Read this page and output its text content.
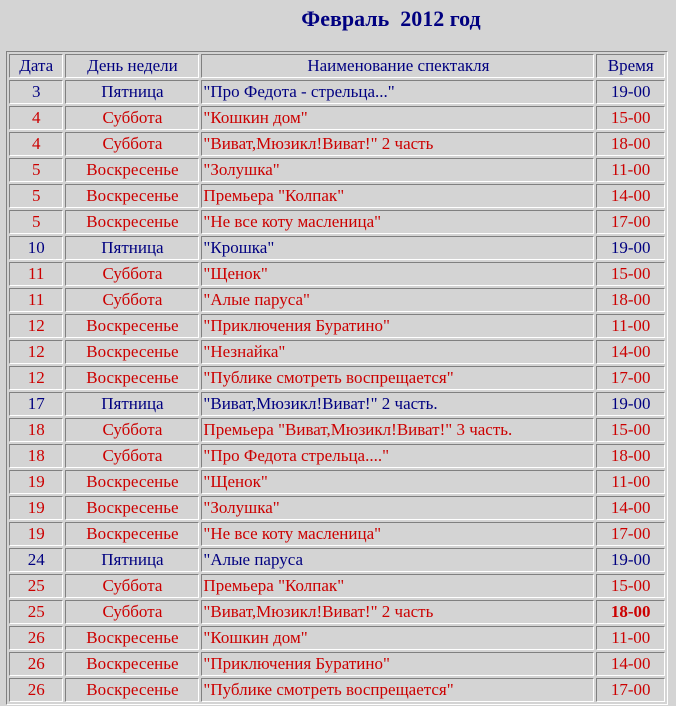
Февраль  2012 год
Дата	День недели	Наименование спектакля	Время
3	Пятница	"Про Федота - стрельца..."	19-00
4	Суббота	"Кошкин дом"	15-00
4	Суббота	"Виват,Мюзикл!Виват!" 2 часть	18-00
5	Воскресенье	"Золушка"	11-00
5	Воскресенье	Премьера "Колпак"	14-00
5	Воскресенье	"Не все коту масленица"	17-00
10	Пятница	"Крошка"	19-00
11	Суббота	"Щенок"	15-00
11	Суббота	"Алые паруса"	18-00
12	Воскресенье	"Приключения Буратино"	11-00
12	Воскресенье	"Незнайка"	14-00
12	Воскресенье	"Публике смотреть воспрещается"	17-00
17	Пятница	"Виват,Мюзикл!Виват!" 2 часть.	19-00
18	Суббота	Премьера "Виват,Мюзикл!Виват!" 3 часть.	15-00
18	Суббота	"Про Федота стрельца...."	18-00
19	Воскресенье	"Щенок"	11-00
19	Воскресенье	"Золушка"	14-00
19	Воскресенье	"Не все коту масленица"	17-00
24	Пятница	"Алые паруса	19-00
25	Суббота	Премьера "Колпак"	15-00
25	Суббота	"Виват,Мюзикл!Виват!" 2 часть	18-00
26	Воскресенье	"Кошкин дом"	11-00
26	Воскресенье	"Приключения Буратино"	14-00
26	Воскресенье	"Публике смотреть воспрещается"	17-00
